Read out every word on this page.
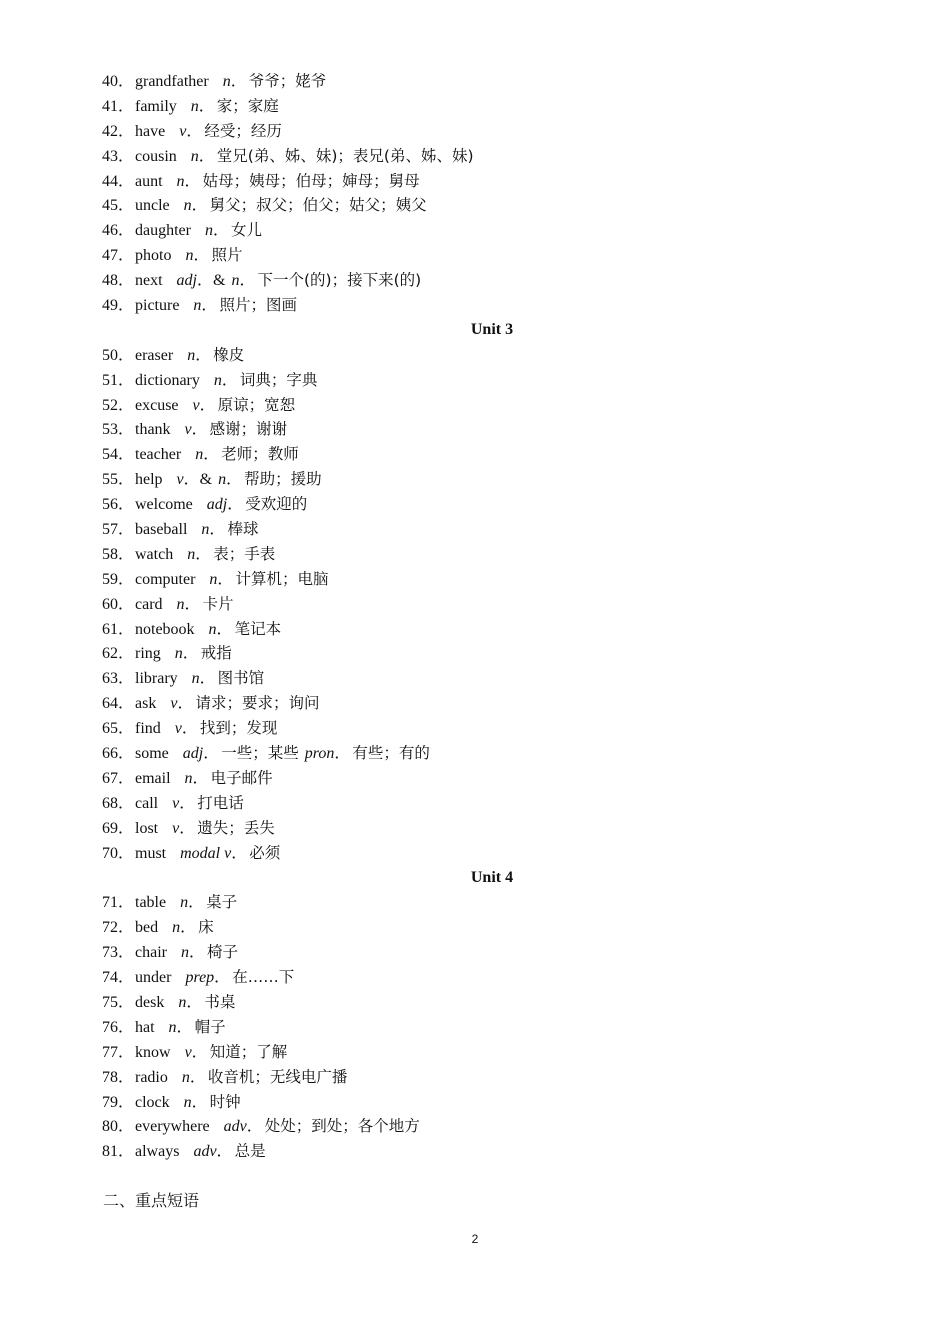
40．grandfather n． 爷爷；姥爷
41．family n． 家；家庭
42．have v． 经受；经历
43．cousin n． 堂兄(弟、姊、妹)；表兄(弟、姊、妹)
44．aunt n． 姑母；姨母；伯母；婶母；舅母
45．uncle n． 舅父；叔父；伯父；姑父；姨父
46．daughter n． 女儿
47．photo n． 照片
48．next adj．& n． 下一个(的)；接下来(的)
49．picture n． 照片；图画
Unit 3
50．eraser n． 橡皮
51．dictionary n． 词典；字典
52．excuse v． 原谅；宽恕
53．thank v． 感谢；谢谢
54．teacher n． 老师；教师
55．help v．& n． 帮助；援助
56．welcome adj． 受欢迎的
57．baseball n． 棒球
58．watch n． 表；手表
59．computer n． 计算机；电脑
60．card n． 卡片
61．notebook n． 笔记本
62．ring n． 戒指
63．library n． 图书馆
64．ask v． 请求；要求；询问
65．find v． 找到；发现
66．some adj． 一些；某些 pron． 有些；有的
67．email n． 电子邮件
68．call v． 打电话
69．lost v． 遗失；丢失
70．must modal v． 必须
Unit 4
71．table n． 桌子
72．bed n． 床
73．chair n． 椅子
74．under prep． 在……下
75．desk n． 书桌
76．hat n． 帽子
77．know v． 知道；了解
78．radio n． 收音机；无线电广播
79．clock n． 时钟
80．everywhere adv． 处处；到处；各个地方
81．always adv． 总是
二、重点短语
2
